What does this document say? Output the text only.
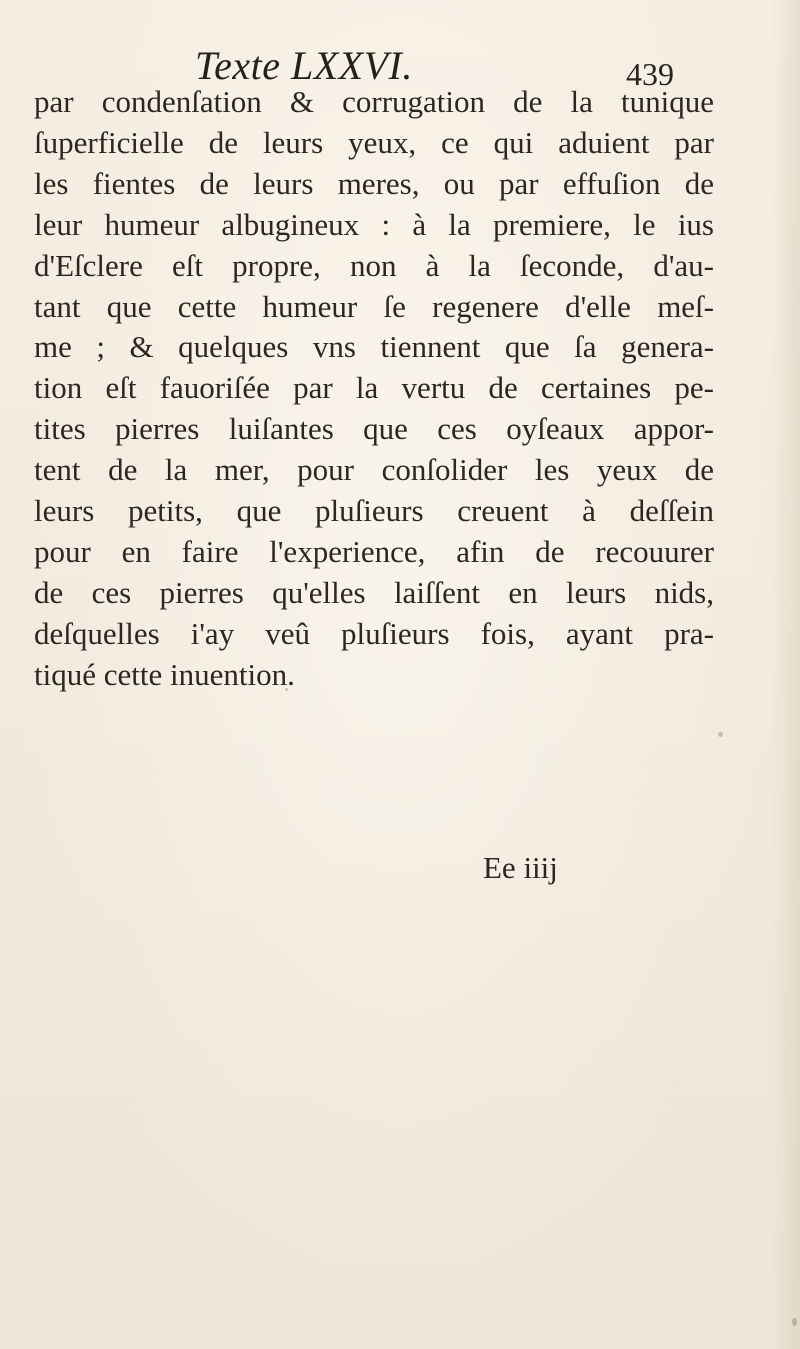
Texte LXXVI.	439
par condenſation & corrugation de la tunique
ſuperficielle de leurs yeux, ce qui aduient par
les fientes de leurs meres, ou par effuſion de
leur humeur albugineux : à la premiere, le ius
d'Eſclere eſt propre, non à la ſeconde, d'au-
tant que cette humeur ſe regenere d'elle meſ-
me ; & quelques vns tiennent que ſa genera-
tion eſt fauoriſée par la vertu de certaines pe-
tites pierres luiſantes que ces oyſeaux appor-
tent de la mer, pour conſolider les yeux de
leurs petits, que pluſieurs creuent à deſſein
pour en faire l'experience, afin de recouurer
de ces pierres qu'elles laiſſent en leurs nids,
deſquelles i'ay veû pluſieurs fois, ayant pra-
tiqué cette inuention.
Ee iiij
